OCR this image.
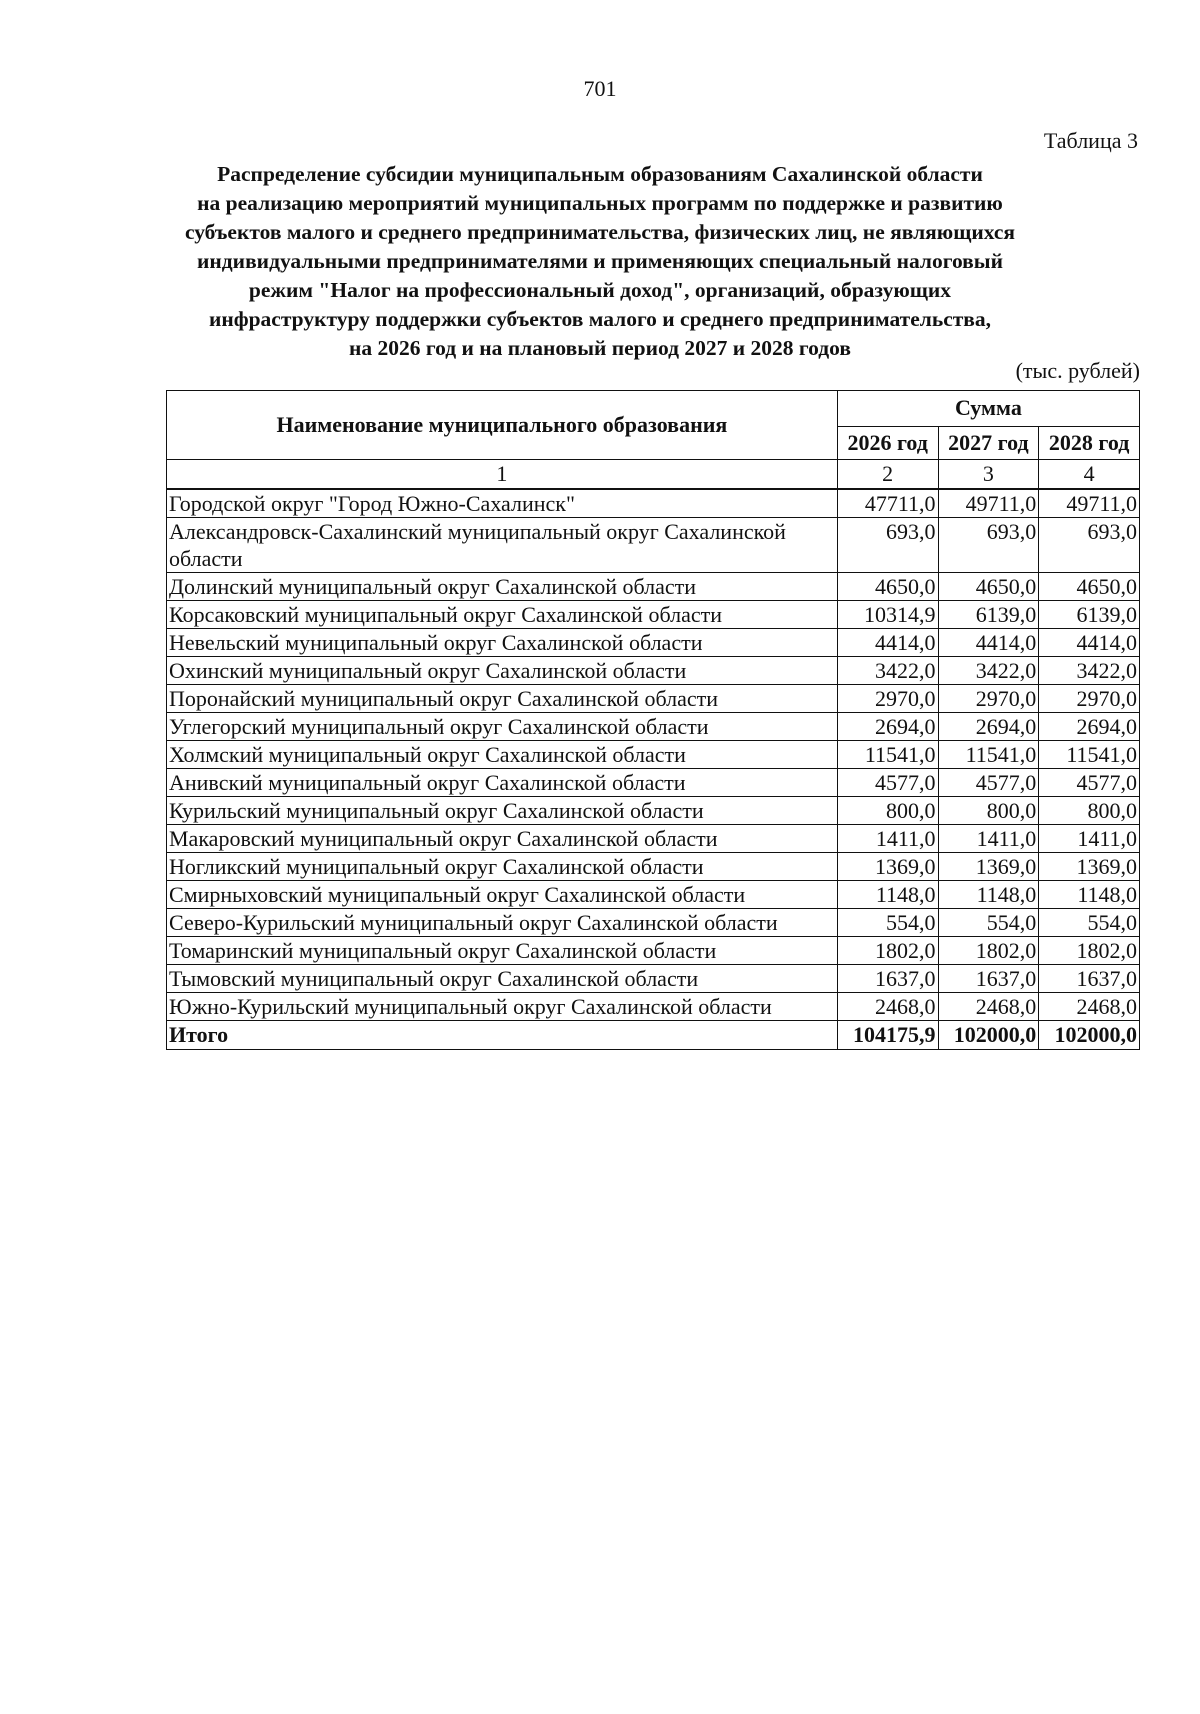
701
Таблица 3
Распределение субсидии муниципальным образованиям Сахалинской области
на реализацию мероприятий муниципальных программ по поддержке и развитию
субъектов малого и среднего предпринимательства, физических лиц, не являющихся
индивидуальными предпринимателями и применяющих специальный налоговый
режим "Налог на профессиональный доход", организаций, образующих
инфраструктуру поддержки субъектов малого и среднего предпринимательства,
на 2026 год и на плановый период 2027 и 2028 годов
(тыс. рублей)
Наименование муниципального образования	Сумма		
	2026 год	2027 год	2028 год
1	2	3	4
Городской округ "Город Южно-Сахалинск"	47711,0	49711,0	49711,0
Александровск-Сахалинский муниципальный округ Сахалинской области	693,0	693,0	693,0
Долинский муниципальный округ Сахалинской области	4650,0	4650,0	4650,0
Корсаковский муниципальный округ Сахалинской области	10314,9	6139,0	6139,0
Невельский муниципальный округ Сахалинской области	4414,0	4414,0	4414,0
Охинский муниципальный округ Сахалинской области	3422,0	3422,0	3422,0
Поронайский муниципальный округ Сахалинской области	2970,0	2970,0	2970,0
Углегорский муниципальный округ Сахалинской области	2694,0	2694,0	2694,0
Холмский муниципальный округ Сахалинской области	11541,0	11541,0	11541,0
Анивский муниципальный округ Сахалинской области	4577,0	4577,0	4577,0
Курильский муниципальный округ Сахалинской области	800,0	800,0	800,0
Макаровский муниципальный округ Сахалинской области	1411,0	1411,0	1411,0
Ногликский муниципальный округ Сахалинской области	1369,0	1369,0	1369,0
Смирныховский муниципальный округ Сахалинской области	1148,0	1148,0	1148,0
Северо-Курильский муниципальный округ Сахалинской области	554,0	554,0	554,0
Томаринский муниципальный округ Сахалинской области	1802,0	1802,0	1802,0
Тымовский муниципальный округ Сахалинской области	1637,0	1637,0	1637,0
Южно-Курильский муниципальный округ Сахалинской области	2468,0	2468,0	2468,0
Итого	104175,9	102000,0	102000,0
